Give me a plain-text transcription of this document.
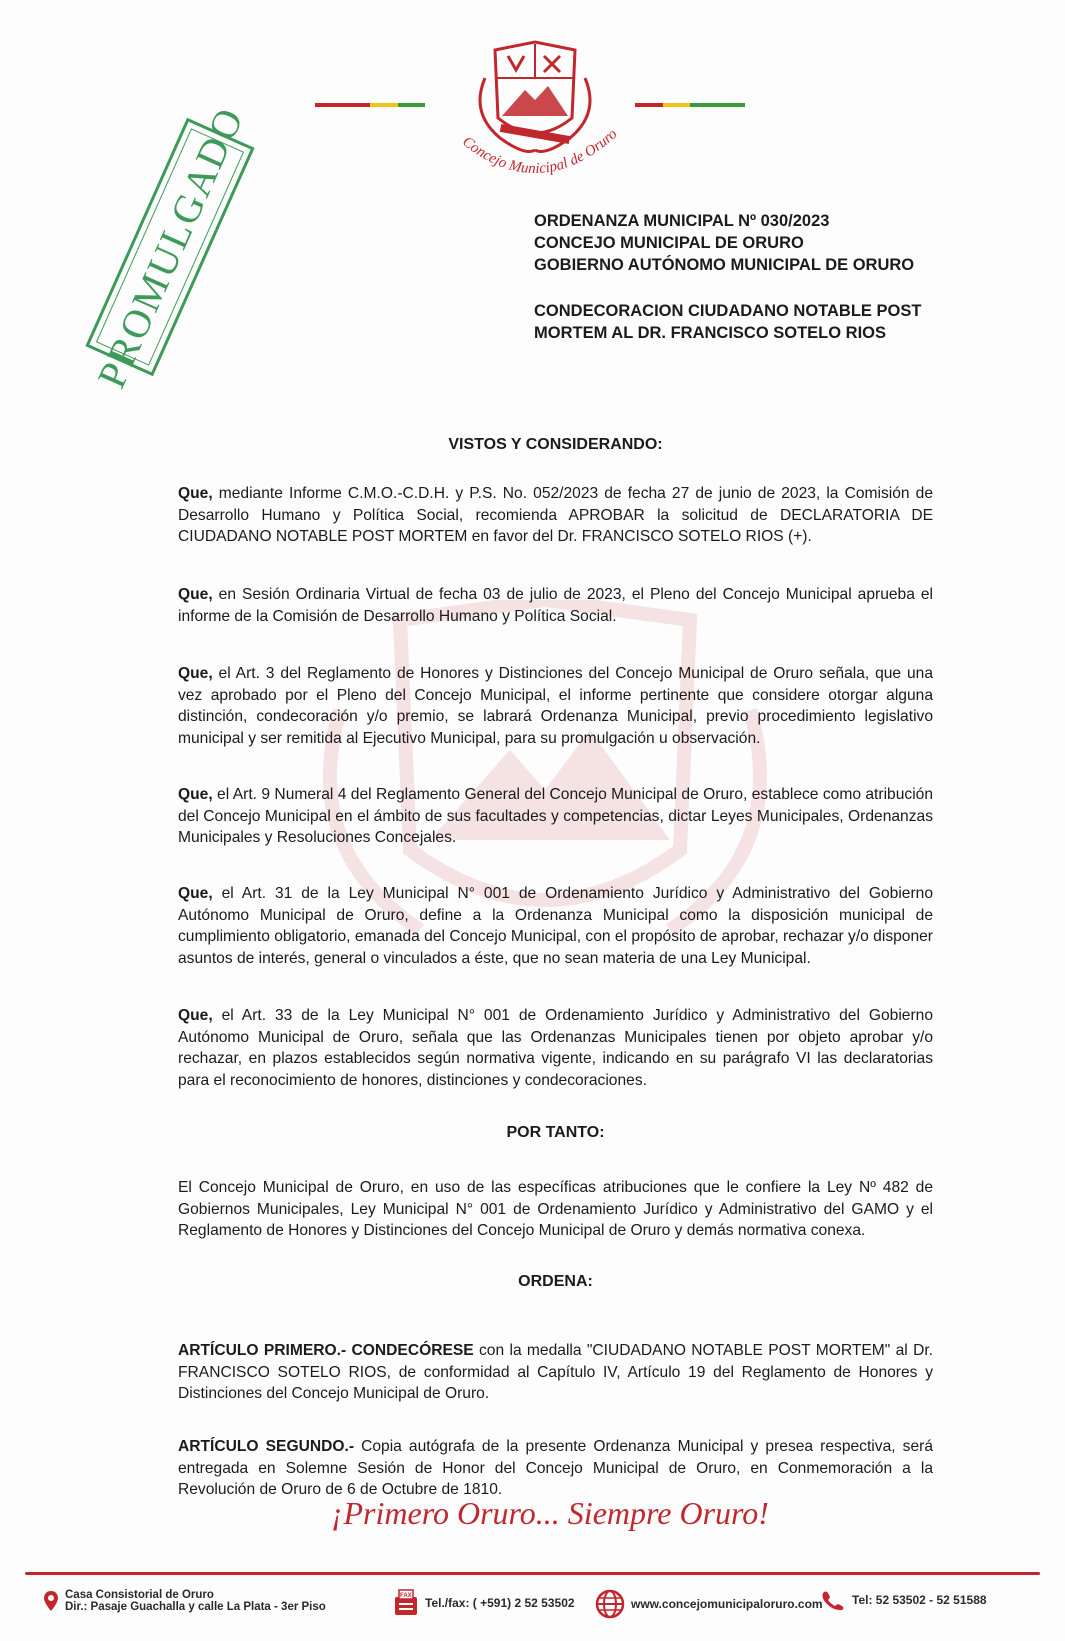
Concejo Municipal de Oruro
PROMULGADO	ORDENANZA MUNICIPAL Nº 030/2023
CONCEJO MUNICIPAL DE ORURO
GOBIERNO AUTÓNOMO MUNICIPAL DE ORURO
CONDECORACION CIUDADANO NOTABLE POST
MORTEM AL DR. FRANCISCO SOTELO RIOS
VISTOS Y CONSIDERANDO:
Que, mediante Informe C.M.O.-C.D.H. y P.S. No. 052/2023 de fecha 27 de junio de 2023, la Comisión de Desarrollo Humano y Política Social, recomienda APROBAR la solicitud de DECLARATORIA DE CIUDADANO NOTABLE POST MORTEM en favor del Dr. FRANCISCO SOTELO RIOS (+).
Que, en Sesión Ordinaria Virtual de fecha 03 de julio de 2023, el Pleno del Concejo Municipal aprueba el informe de la Comisión de Desarrollo Humano y Política Social.
Que, el Art. 3 del Reglamento de Honores y Distinciones del Concejo Municipal de Oruro señala, que una vez aprobado por el Pleno del Concejo Municipal, el informe pertinente que considere otorgar alguna distinción, condecoración y/o premio, se labrará Ordenanza Municipal, previo procedimiento legislativo municipal y ser remitida al Ejecutivo Municipal, para su promulgación u observación.
Que, el Art. 9 Numeral 4 del Reglamento General del Concejo Municipal de Oruro, establece como atribución del Concejo Municipal en el ámbito de sus facultades y competencias, dictar Leyes Municipales, Ordenanzas Municipales y Resoluciones Concejales.
Que, el Art. 31 de la Ley Municipal N° 001 de Ordenamiento Jurídico y Administrativo del Gobierno Autónomo Municipal de Oruro, define a la Ordenanza Municipal como la disposición municipal de cumplimiento obligatorio, emanada del Concejo Municipal, con el propósito de aprobar, rechazar y/o disponer asuntos de interés, general o vinculados a éste, que no sean materia de una Ley Municipal.
Que, el Art. 33 de la Ley Municipal N° 001 de Ordenamiento Jurídico y Administrativo del Gobierno Autónomo Municipal de Oruro, señala que las Ordenanzas Municipales tienen por objeto aprobar y/o rechazar, en plazos establecidos según normativa vigente, indicando en su parágrafo VI las declaratorias para el reconocimiento de honores, distinciones y condecoraciones.
POR TANTO:
El Concejo Municipal de Oruro, en uso de las específicas atribuciones que le confiere la Ley Nº 482 de Gobiernos Municipales, Ley Municipal N° 001 de Ordenamiento Jurídico y Administrativo del GAMO y el Reglamento de Honores y Distinciones del Concejo Municipal de Oruro y demás normativa conexa.
ORDENA:
ARTÍCULO PRIMERO.- CONDECÓRESE con la medalla "CIUDADANO NOTABLE POST MORTEM" al Dr. FRANCISCO SOTELO RIOS, de conformidad al Capítulo IV, Artículo 19 del Reglamento de Honores y Distinciones del Concejo Municipal de Oruro.
ARTÍCULO SEGUNDO.- Copia autógrafa de la presente Ordenanza Municipal y presea respectiva, será entregada en Solemne Sesión de Honor del Concejo Municipal de Oruro, en Conmemoración a la Revolución de Oruro de 6 de Octubre de 1810.
¡Primero Oruro... Siempre Oruro!
Casa Consistorial de Oruro
Dir.: Pasaje Guachalla y calle La Plata - 3er Piso
FAX Tel./fax: ( +591) 2 52 53502	www.concejomunicipaloruro.com Tel: 52 53502 - 52 51588
